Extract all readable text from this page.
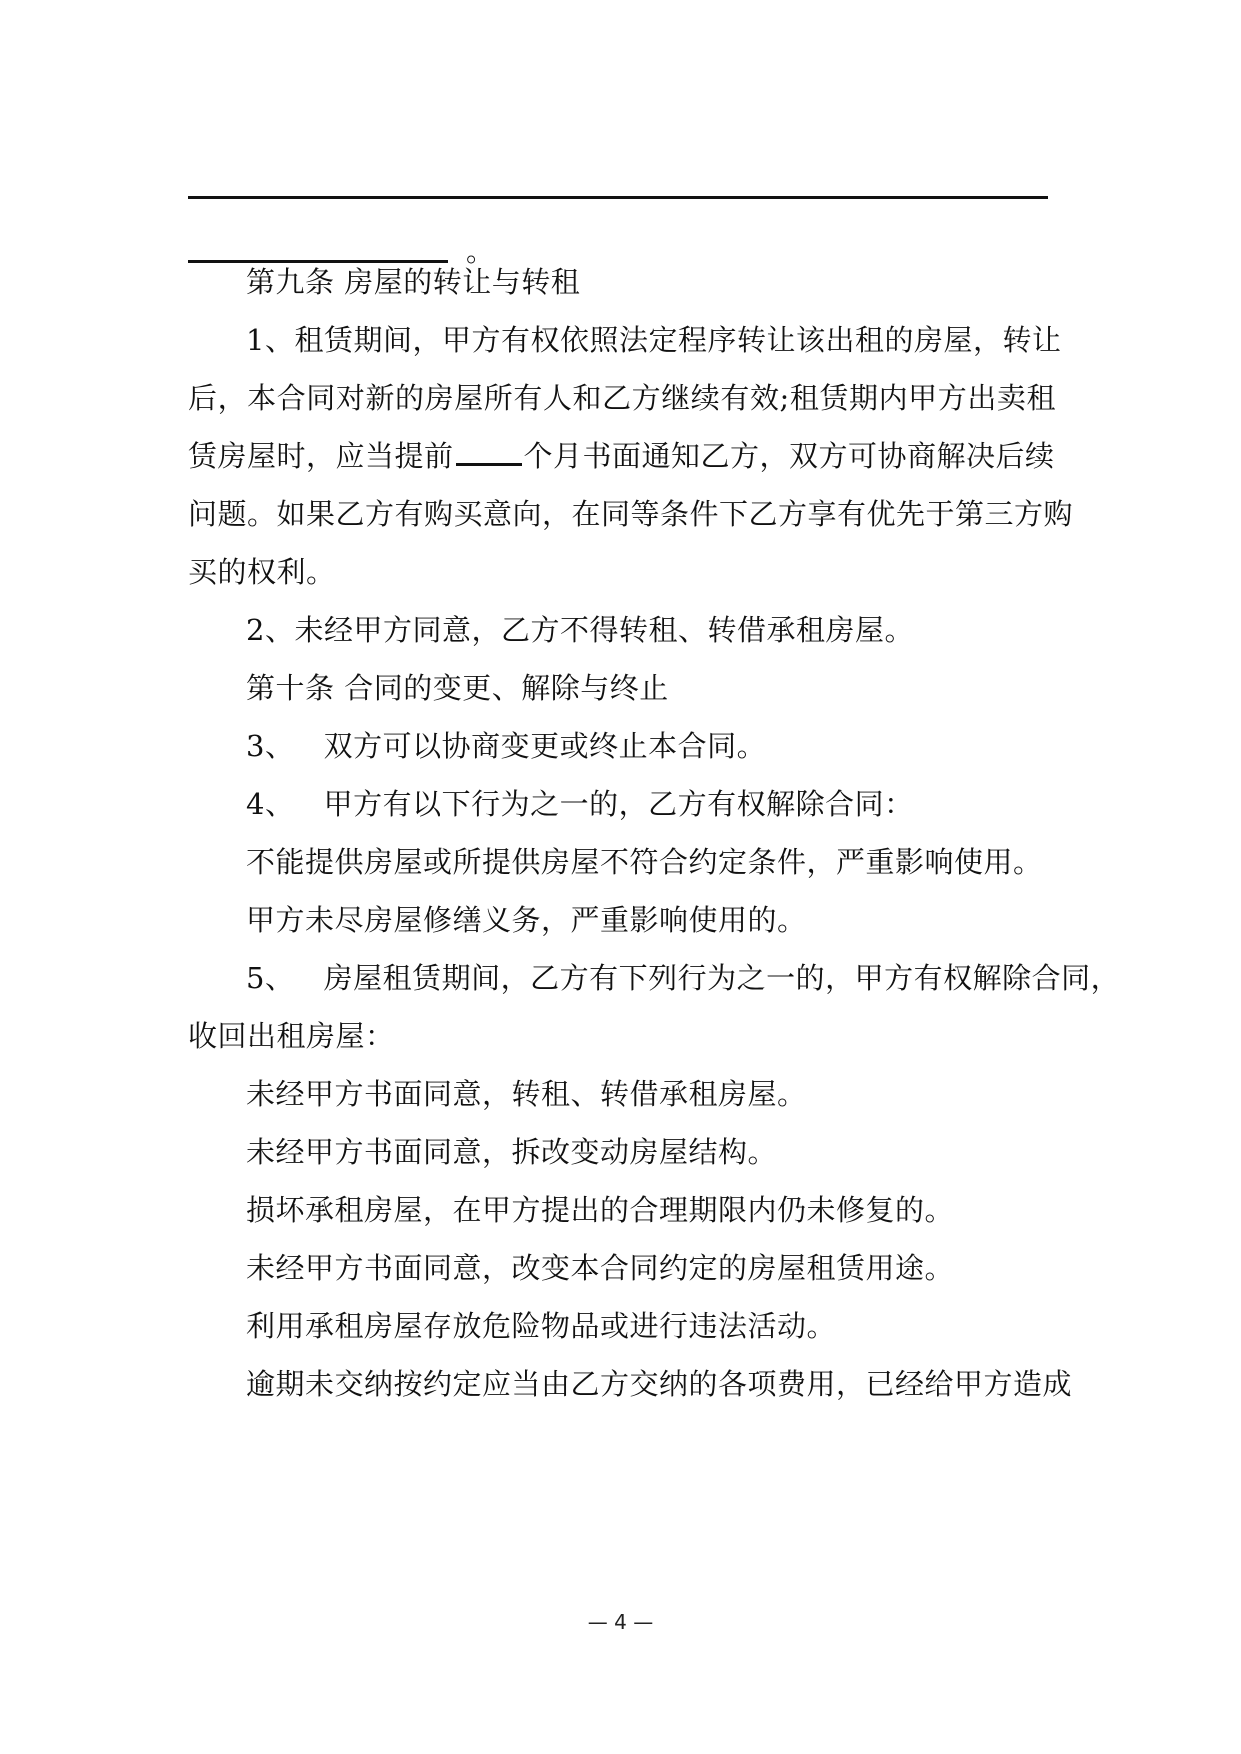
。
第九条 房屋的转让与转租
1、租赁期间，甲方有权依照法定程序转让该出租的房屋，转让
后，本合同对新的房屋所有人和乙方继续有效;租赁期内甲方出卖租
赁房屋时，应当提前 个月书面通知乙方，双方可协商解决后续
问题。如果乙方有购买意向，在同等条件下乙方享有优先于第三方购
买的权利。
2、未经甲方同意，乙方不得转租、转借承租房屋。
第十条 合同的变更、解除与终止
3、   双方可以协商变更或终止本合同。
4、   甲方有以下行为之一的，乙方有权解除合同：
不能提供房屋或所提供房屋不符合约定条件，严重影响使用。
甲方未尽房屋修缮义务，严重影响使用的。
5、   房屋租赁期间，乙方有下列行为之一的，甲方有权解除合同，
收回出租房屋：
未经甲方书面同意，转租、转借承租房屋。
未经甲方书面同意，拆改变动房屋结构。
损坏承租房屋，在甲方提出的合理期限内仍未修复的。
未经甲方书面同意，改变本合同约定的房屋租赁用途。
利用承租房屋存放危险物品或进行违法活动。
逾期未交纳按约定应当由乙方交纳的各项费用，已经给甲方造成
— 4 —
